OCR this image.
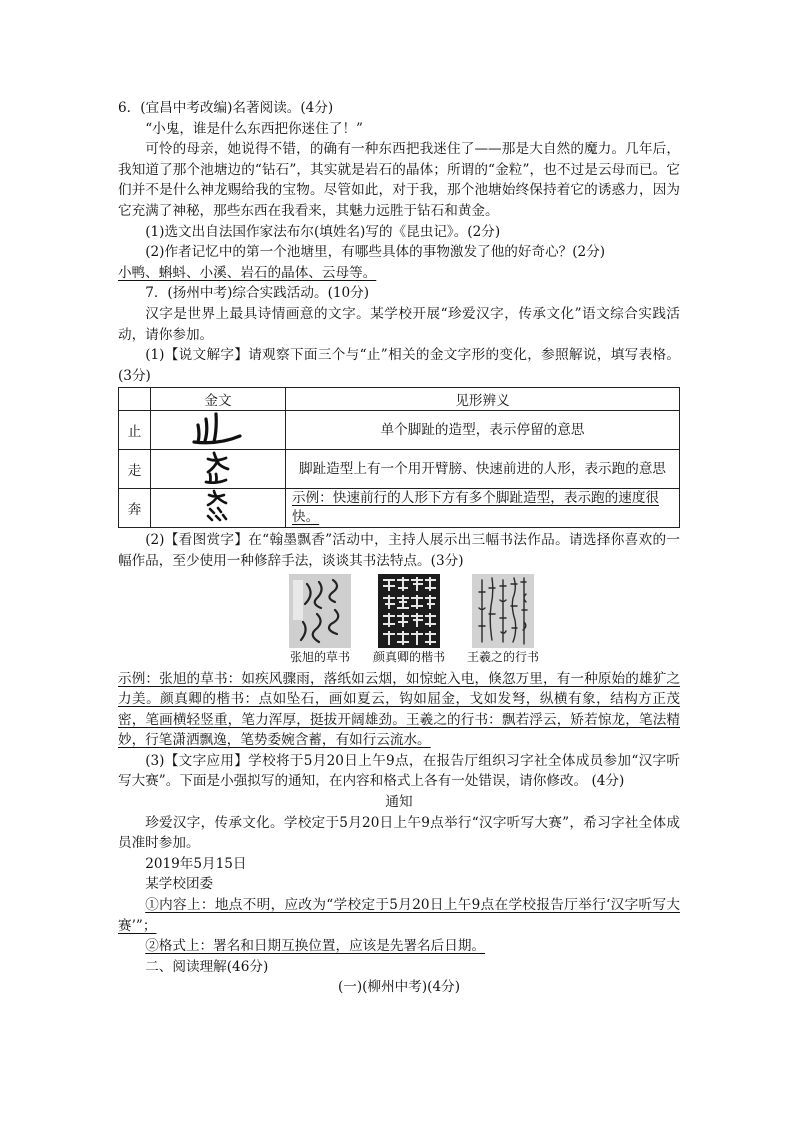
6．(宜昌中考改编)名著阅读。(4分)

“小鬼，谁是什么东西把你迷住了！”

可怜的母亲，她说得不错，的确有一种东西把我迷住了——那是大自然的魔力。几年后，我知道了那个池塘边的“钻石”，其实就是岩石的晶体；所谓的“金粒”，也不过是云母而已。它们并不是什么神龙赐给我的宝物。尽管如此，对于我，那个池塘始终保持着它的诱惑力，因为它充满了神秘，那些东西在我看来，其魅力远胜于钻石和黄金。

(1)选文出自法国作家法布尔(填姓名)写的《昆虫记》。(2分)

(2)作者记忆中的第一个池塘里，有哪些具体的事物激发了他的好奇心？(2分)

小鸭、蝌蚪、小溪、岩石的晶体、云母等。

7．(扬州中考)综合实践活动。(10分)

汉字是世界上最具诗情画意的文字。某学校开展“珍爱汉字，传承文化”语文综合实践活动，请你参加。

(1)【说文解字】请观察下面三个与“止”相关的金文字形的变化，参照解说，填写表格。(3分)

	金文	见形辨义
止		单个脚趾的造型，表示停留的意思
走		脚趾造型上有一个用开臂膀、快速前进的人形，表示跑的意思
奔		示例：快速前行的人形下方有多个脚趾造型，表示跑的速度很快。

(2)【看图赏字】在“翰墨飘香”活动中，主持人展示出三幅书法作品。请选择你喜欢的一幅作品，至少使用一种修辞手法，谈谈其书法特点。(3分)

张旭的草书 颜真卿的楷书 王羲之的行书

示例：张旭的草书：如疾风骤雨，落纸如云烟，如惊蛇入电，倏忽万里，有一种原始的雄犷之力美。颜真卿的楷书：点如坠石，画如夏云，钩如屈金，戈如发弩，纵横有象，结构方正茂密，笔画横轻竖重，笔力浑厚，挺拔开阔雄劲。王羲之的行书：飘若浮云，矫若惊龙，笔法精妙，行笔潇洒飘逸，笔势委婉含蓄，有如行云流水。

(3)【文字应用】学校将于5月20日上午9点，在报告厅组织习字社全体成员参加“汉字听写大赛”。下面是小强拟写的通知，在内容和格式上各有一处错误，请你修改。 (4分)

通知

珍爱汉字，传承文化。学校定于5月20日上午9点举行“汉字听写大赛”，希习字社全体成员准时参加。

2019年5月15日

某学校团委

①内容上：地点不明，应改为“学校定于5月20日上午9点在学校报告厅举行‘汉字听写大赛’”；

②格式上：署名和日期互换位置，应该是先署名后日期。

二、阅读理解(46分)

(一)(柳州中考)(4分)
